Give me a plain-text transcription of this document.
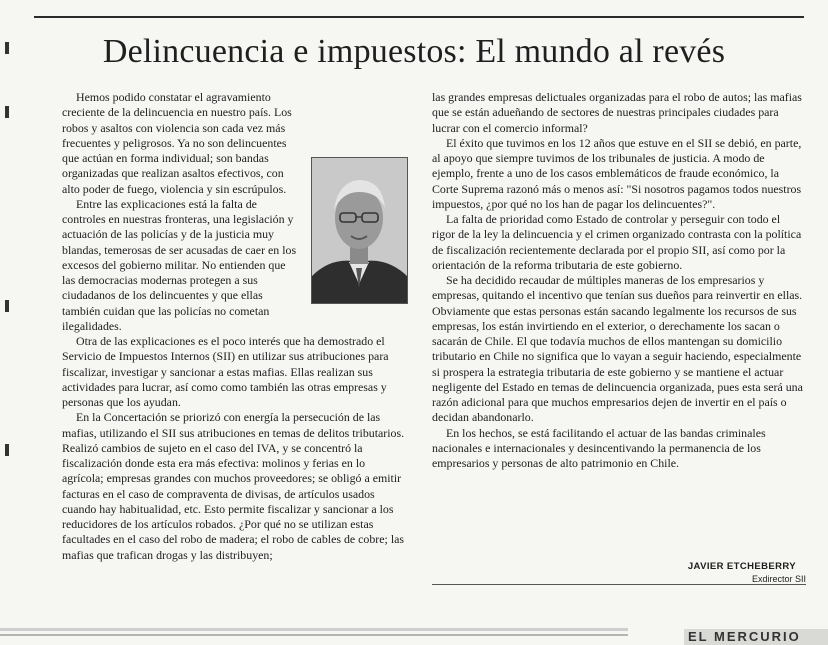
Delincuencia e impuestos: El mundo al revés

Hemos podido constatar el agravamiento creciente de la delincuencia en nuestro país. Los robos y asaltos con violencia son cada vez más frecuentes y peligrosos. Ya no son delincuentes que actúan en forma individual; son bandas organizadas que realizan asaltos efectivos, con alto poder de fuego, violencia y sin escrúpulos.

Entre las explicaciones está la falta de controles en nuestras fronteras, una legislación y actuación de las policías y de la justicia muy blandas, temerosas de ser acusadas de caer en los excesos del gobierno militar. No entienden que las democracias modernas protegen a sus ciudadanos de los delincuentes y que ellas también cuidan que las policías no cometan ilegalidades.

Otra de las explicaciones es el poco interés que ha demostrado el Servicio de Impuestos Internos (SII) en utilizar sus atribuciones para fiscalizar, investigar y sancionar a estas mafias. Ellas realizan sus actividades para lucrar, así como como también las otras empresas y personas que los ayudan.

En la Concertación se priorizó con energía la persecución de las mafias, utilizando el SII sus atribuciones en temas de delitos tributarios. Realizó cambios de sujeto en el caso del IVA, y se concentró la fiscalización donde esta era más efectiva: molinos y ferias en lo agrícola; empresas grandes con muchos proveedores; se obligó a emitir facturas en el caso de compraventa de divisas, de artículos usados cuando hay habitualidad, etc. Esto permite fiscalizar y sancionar a los reducidores de los artículos robados. ¿Por qué no se utilizan estas facultades en el caso del robo de madera; el robo de cables de cobre; las mafias que trafican drogas y las distribuyen;

las grandes empresas delictuales organizadas para el robo de autos; las mafias que se están adueñando de sectores de nuestras principales ciudades para lucrar con el comercio informal?

El éxito que tuvimos en los 12 años que estuve en el SII se debió, en parte, al apoyo que siempre tuvimos de los tribunales de justicia. A modo de ejemplo, frente a uno de los casos emblemáticos de fraude económico, la Corte Suprema razonó más o menos así: "Si nosotros pagamos todos nuestros impuestos, ¿por qué no los han de pagar los delincuentes?".

La falta de prioridad como Estado de controlar y perseguir con todo el rigor de la ley la delincuencia y el crimen organizado contrasta con la política de fiscalización recientemente declarada por el propio SII, así como por la orientación de la reforma tributaria de este gobierno.

Se ha decidido recaudar de múltiples maneras de los empresarios y empresas, quitando el incentivo que tenían sus dueños para reinvertir en ellas. Obviamente que estas personas están sacando legalmente los recursos de sus empresas, los están invirtiendo en el exterior, o derechamente los sacan o sacarán de Chile. El que todavía muchos de ellos mantengan su domicilio tributario en Chile no significa que lo vayan a seguir haciendo, especialmente si prospera la estrategia tributaria de este gobierno y se mantiene el actuar negligente del Estado en temas de delincuencia organizada, pues esta será una razón adicional para que muchos empresarios dejen de invertir en el país o decidan abandonarlo.

En los hechos, se está facilitando el actuar de las bandas criminales nacionales e internacionales y desincentivando la permanencia de los empresarios y personas de alto patrimonio en Chile.

JAVIER ETCHEBERRY
Exdirector SII
EL MERCURIO
